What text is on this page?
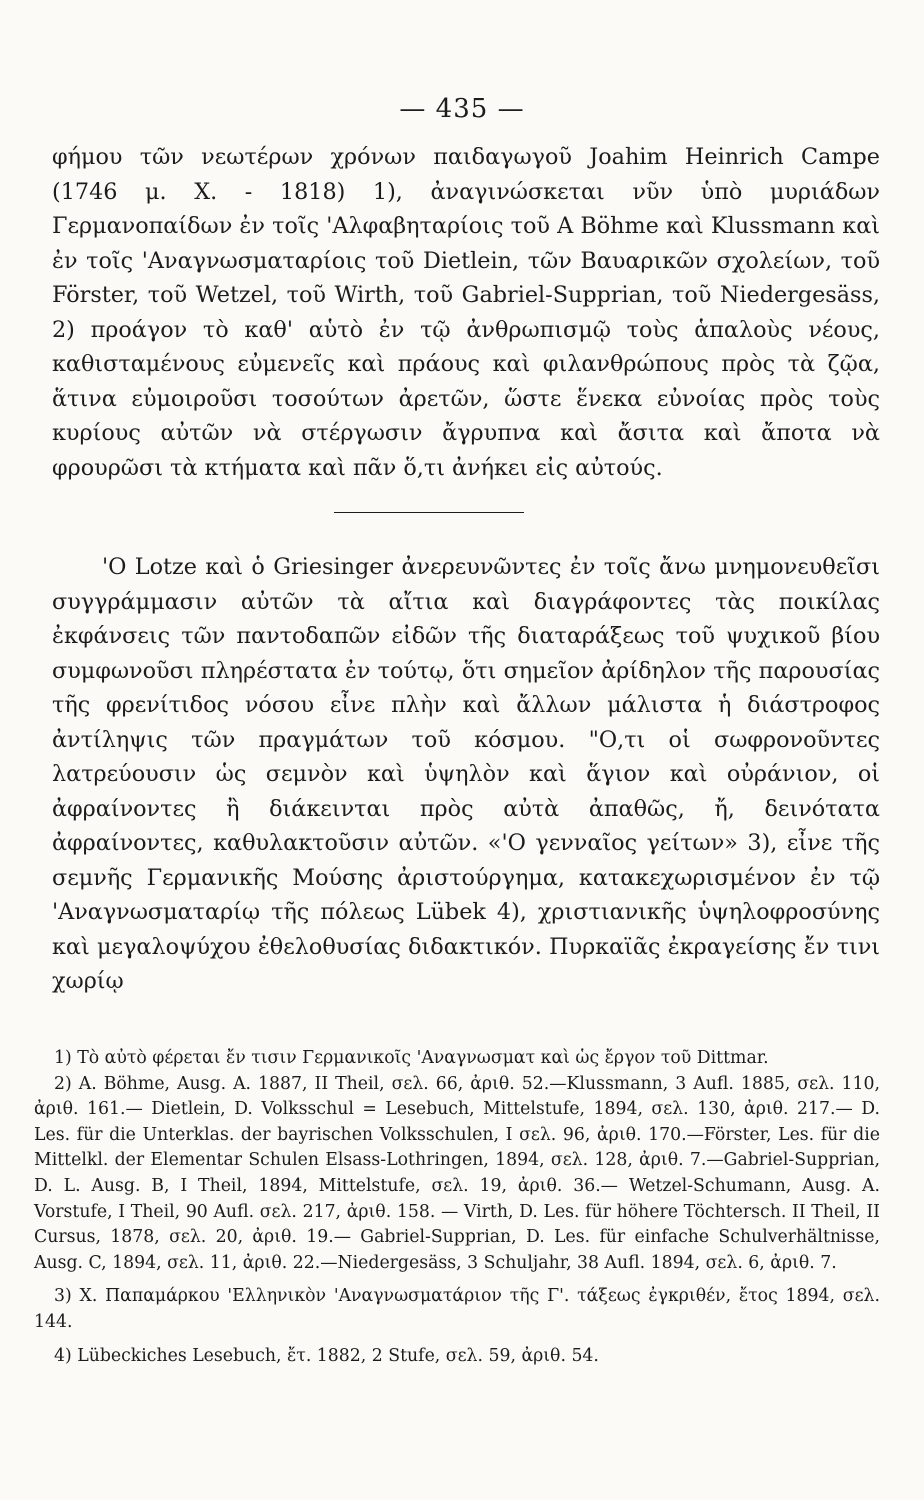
— 435 —

φήμου τῶν νεωτέρων χρόνων παιδαγωγοῦ Joahim Heinrich Campe (1746 μ. Χ. - 1818) 1), ἀναγινώσκεται νῦν ὑπὸ μυριάδων Γερμανοπαίδων ἐν τοῖς 'Αλφαβηταρίοις τοῦ A Böhme καὶ Klussmann καὶ ἐν τοῖς 'Αναγνωσματαρίοις τοῦ Dietlein, τῶν Βαυαρικῶν σχολείων, τοῦ Förster, τοῦ Wetzel, τοῦ Wirth, τοῦ Gabriel-Supprian, τοῦ Niedergesäss, 2) προάγον τὸ καθ' αὑτὸ ἐν τῷ ἀνθρωπισμῷ τοὺς ἁπαλοὺς νέους, καθισταμένους εὐμενεῖς καὶ πράους καὶ φιλανθρώπους πρὸς τὰ ζῷα, ἅτινα εὐμοιροῦσι τοσούτων ἀρετῶν, ὥστε ἕνεκα εὐνοίας πρὸς τοὺς κυρίους αὐτῶν νὰ στέργωσιν ἄγρυπνα καὶ ἄσιτα καὶ ἄποτα νὰ φρουρῶσι τὰ κτήματα καὶ πᾶν ὅ,τι ἀνήκει εἰς αὐτούς.

'Ο Lotze καὶ ὁ Griesinger ἀνερευνῶντες ἐν τοῖς ἄνω μνημονευθεῖσι συγγράμμασιν αὐτῶν τὰ αἴτια καὶ διαγράφοντες τὰς ποικίλας ἐκφάνσεις τῶν παντοδαπῶν εἰδῶν τῆς διαταράξεως τοῦ ψυχικοῦ βίου συμφωνοῦσι πληρέστατα ἐν τούτῳ, ὅτι σημεῖον ἀρίδηλον τῆς παρουσίας τῆς φρενίτιδος νόσου εἶνε πλὴν καὶ ἄλλων μάλιστα ἡ διάστροφος ἀντίληψις τῶν πραγμάτων τοῦ κόσμου. "Ο,τι οἱ σωφρονοῦντες λατρεύουσιν ὡς σεμνὸν καὶ ὑψηλὸν καὶ ἅγιον καὶ οὐράνιον, οἱ ἀφραίνοντες ἢ διάκεινται πρὸς αὐτὰ ἀπαθῶς, ἤ, δεινότατα ἀφραίνοντες, καθυλακτοῦσιν αὐτῶν. «'Ο γενναῖος γείτων» 3), εἶνε τῆς σεμνῆς Γερμανικῆς Μούσης ἀριστούργημα, κατακεχωρισμένον ἐν τῷ 'Αναγνωσματαρίῳ τῆς πόλεως Lübek 4), χριστιανικῆς ὑψηλοφροσύνης καὶ μεγαλοψύχου ἐθελοθυσίας διδακτικόν. Πυρκαϊᾶς ἐκραγείσης ἔν τινι χωρίῳ

1) Τὸ αὐτὸ φέρεται ἔν τισιν Γερμανικοῖς 'Αναγνωσματ καὶ ὡς ἔργον τοῦ Dittmar.

2) A. Böhme, Ausg. A. 1887, II Theil, σελ. 66, ἀριθ. 52.—Klussmann, 3 Aufl. 1885, σελ. 110, ἀριθ. 161.— Dietlein, D. Volksschul = Lesebuch, Mittelstufe, 1894, σελ. 130, ἀριθ. 217.— D. Les. für die Unterklas. der bayrischen Volksschulen, I σελ. 96, ἀριθ. 170.—Förster, Les. für die Mittelkl. der Elementar Schulen Elsass-Lothringen, 1894, σελ. 128, ἀριθ. 7.—Gabriel-Supprian, D. L. Ausg. B, I Theil, 1894, Mittelstufe, σελ. 19, ἀριθ. 36.— Wetzel-Schumann, Ausg. A. Vorstufe, I Theil, 90 Aufl. σελ. 217, ἀριθ. 158. — Virth, D. Les. für höhere Töchtersch. II Theil, II Cursus, 1878, σελ. 20, ἀριθ. 19.— Gabriel-Supprian, D. Les. für einfache Schulverhältnisse, Ausg. C, 1894, σελ. 11, ἀριθ. 22.—Niedergesäss, 3 Schuljahr, 38 Aufl. 1894, σελ. 6, ἀριθ. 7.

3) Χ. Παπαμάρκου 'Ελληνικὸν 'Αναγνωσματάριον τῆς Γ'. τάξεως ἐγκριθέν, ἔτος 1894, σελ. 144.

4) Lübeckiches Lesebuch, ἔτ. 1882, 2 Stufe, σελ. 59, ἀριθ. 54.
